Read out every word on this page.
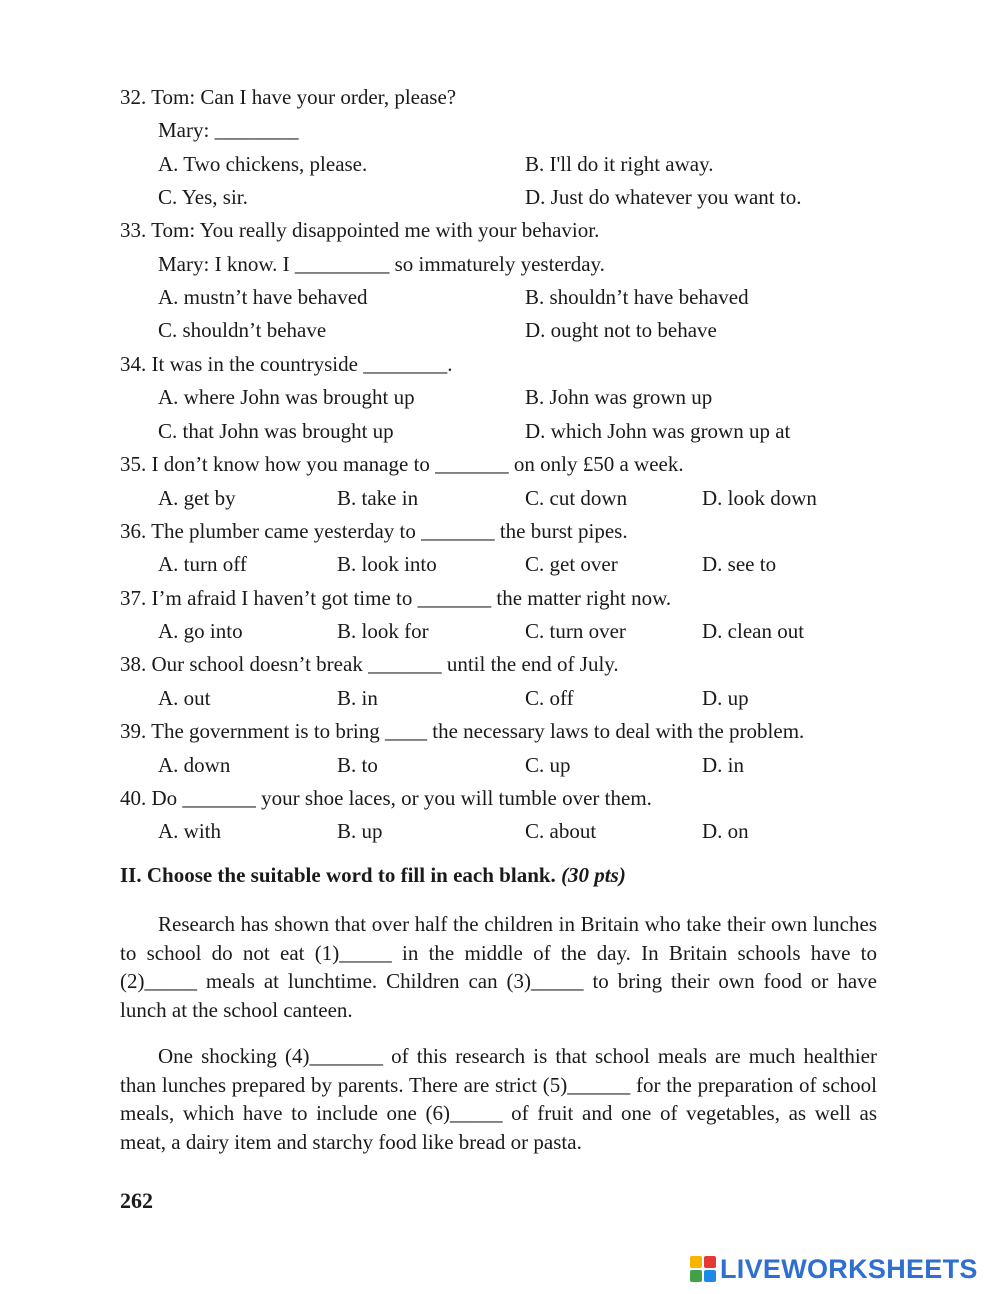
32. Tom: Can I have your order, please?
Mary: ________
A. Two chickens, please.	B. I'll do it right away.
C. Yes, sir.	D. Just do whatever you want to.
33. Tom: You really disappointed me with your behavior.
Mary: I know. I _________ so immaturely yesterday.
A. mustn’t have behaved	B. shouldn’t have behaved
C. shouldn’t behave	D. ought not to behave
34. It was in the countryside ________.
A. where John was brought up	B. John was grown up
C. that John was brought up	D. which John was grown up at
35. I don’t know how you manage to _______ on only £50 a week.
A. get by	B. take in	C. cut down	D. look down
36. The plumber came yesterday to _______ the burst pipes.
A. turn off	B. look into	C. get over	D. see to
37. I’m afraid I haven’t got time to _______ the matter right now.
A. go into	B. look for	C. turn over	D. clean out
38. Our school doesn’t break _______ until the end of July.
A. out	B. in	C. off	D. up
39. The government is to bring ____ the necessary laws to deal with the problem.
A. down	B. to	C. up	D. in
40. Do _______ your shoe laces, or you will tumble over them.
A. with	B. up	C. about	D. on
II. Choose the suitable word to fill in each blank. (30 pts)
Research has shown that over half the children in Britain who take their own lunches to school do not eat (1)_____ in the middle of the day. In Britain schools have to (2)_____ meals at lunchtime. Children can (3)_____ to bring their own food or have lunch at the school canteen.
One shocking (4)_______ of this research is that school meals are much healthier than lunches prepared by parents. There are strict (5)______ for the preparation of school meals, which have to include one (6)_____ of fruit and one of vegetables, as well as meat, a dairy item and starchy food like bread or pasta.
262
LIVEWORKSHEETS
